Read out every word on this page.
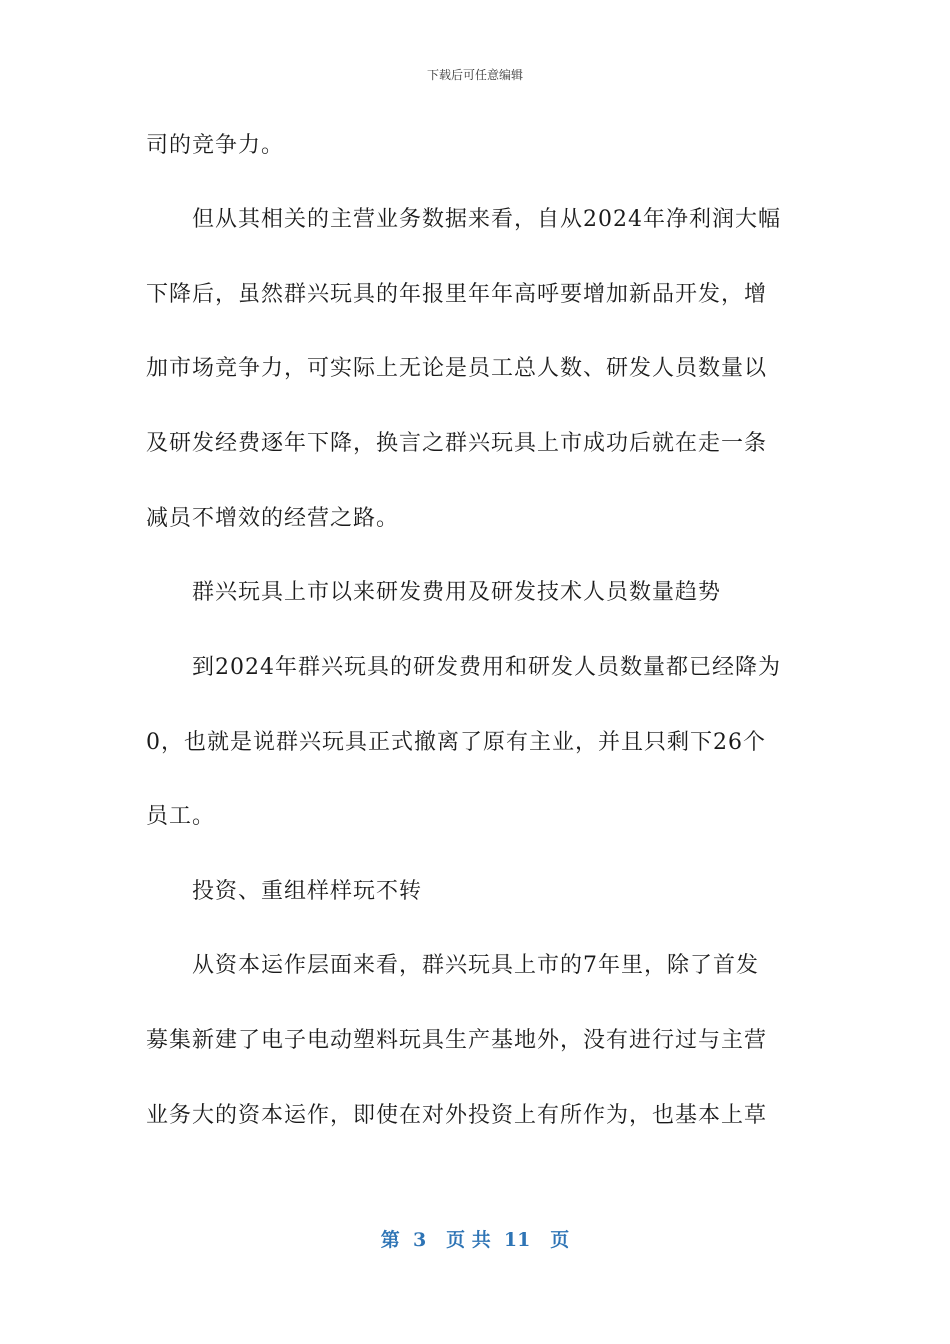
下载后可任意编辑
司的竞争力。
但从其相关的主营业务数据来看，自从2024年净利润大幅
下降后，虽然群兴玩具的年报里年年高呼要增加新品开发，增
加市场竞争力，可实际上无论是员工总人数、研发人员数量以
及研发经费逐年下降，换言之群兴玩具上市成功后就在走一条
减员不增效的经营之路。
群兴玩具上市以来研发费用及研发技术人员数量趋势
到2024年群兴玩具的研发费用和研发人员数量都已经降为
0，也就是说群兴玩具正式撤离了原有主业，并且只剩下26个
员工。
投资、重组样样玩不转
从资本运作层面来看，群兴玩具上市的7年里，除了首发
募集新建了电子电动塑料玩具生产基地外，没有进行过与主营
业务大的资本运作，即使在对外投资上有所作为，也基本上草
第  3   页 共  11   页
